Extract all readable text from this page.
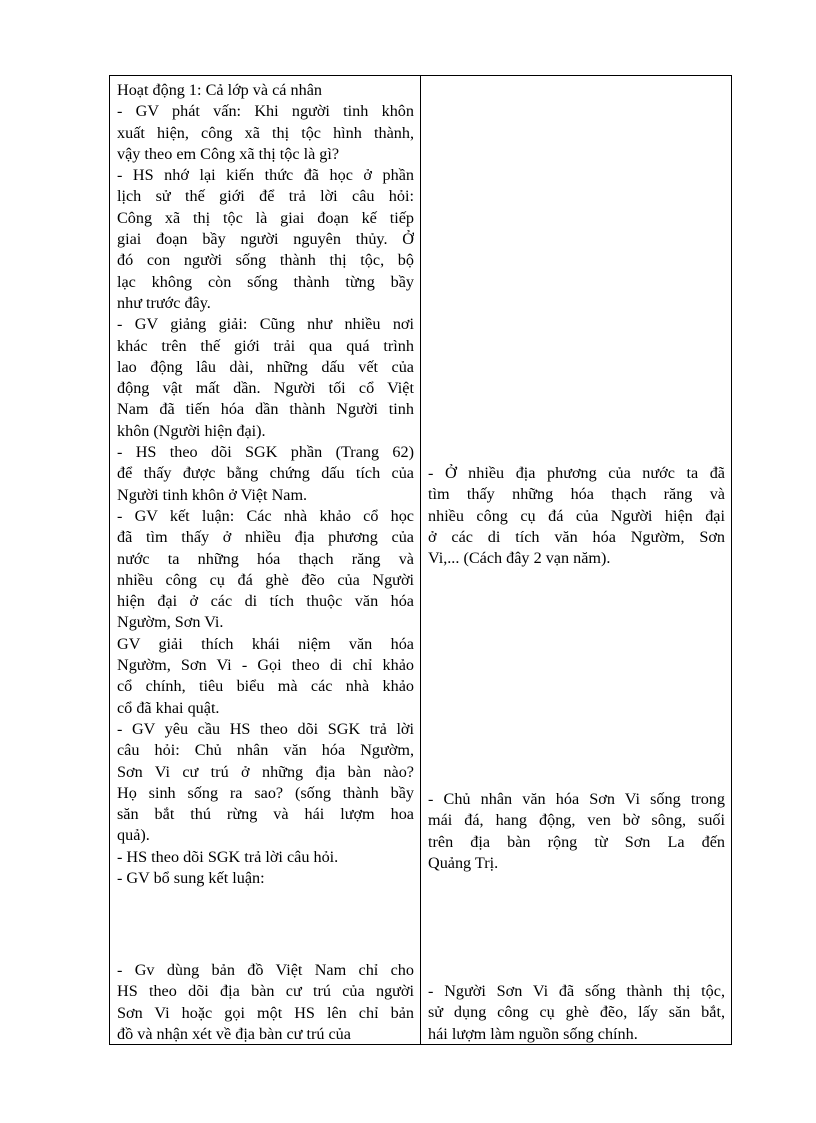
Hoạt động 1: Cả lớp và cá nhân
- GV phát vấn: Khi người tinh khôn
xuất hiện, công xã thị tộc hình thành,
vậy theo em Công xã thị tộc là gì?
- HS nhớ lại kiến thức đã học ở phần
lịch sử thế giới để trả lời câu hỏi:
Công xã thị tộc là giai đoạn kế tiếp
giai đoạn bầy người nguyên thủy. Ở
đó con người sống thành thị tộc, bộ
lạc không còn sống thành từng bầy
như trước đây.
- GV giảng giải: Cũng như nhiều nơi
khác trên thế giới trải qua quá trình
lao động lâu dài, những dấu vết của
động vật mất dần. Người tối cổ Việt
Nam đã tiến hóa dần thành Người tinh
khôn (Người hiện đại).
- HS theo dõi SGK phần (Trang 62)
để thấy được bằng chứng dấu tích của
Người tinh khôn ở Việt Nam.
- GV kết luận: Các nhà khảo cổ học
đã tìm thấy ở nhiều địa phương của
nước ta những hóa thạch răng và
nhiều công cụ đá ghè đẽo của Người
hiện đại ở các di tích thuộc văn hóa
Ngườm, Sơn Vi.
GV giải thích khái niệm văn hóa
Ngườm, Sơn Vi - Gọi theo di chỉ khảo
cổ chính, tiêu biểu mà các nhà khảo
cổ đã khai quật.
- GV yêu cầu HS theo dõi SGK trả lời
câu hỏi: Chủ nhân văn hóa Ngườm,
Sơn Vi cư trú ở những địa bàn nào?
Họ sinh sống ra sao? (sống thành bầy
săn bắt thú rừng và hái lượm hoa
quả).
- HS theo dõi SGK trả lời câu hỏi.
- GV bổ sung kết luận:
- Gv dùng bản đồ Việt Nam chỉ cho
HS theo dõi địa bàn cư trú của người
Sơn Vi hoặc gọi một HS lên chỉ bản
đồ và nhận xét về địa bàn cư trú của
- Ở nhiều địa phương của nước ta đã
tìm thấy những hóa thạch răng và
nhiều công cụ đá của Người hiện đại
ở các di tích văn hóa Ngườm, Sơn
Vi,... (Cách đây 2 vạn năm).
- Chủ nhân văn hóa Sơn Vi sống trong
mái đá, hang động, ven bờ sông, suối
trên địa bàn rộng từ Sơn La đến
Quảng Trị.
- Người Sơn Vi đã sống thành thị tộc,
sử dụng công cụ ghè đẽo, lấy săn bắt,
hái lượm làm nguồn sống chính.
